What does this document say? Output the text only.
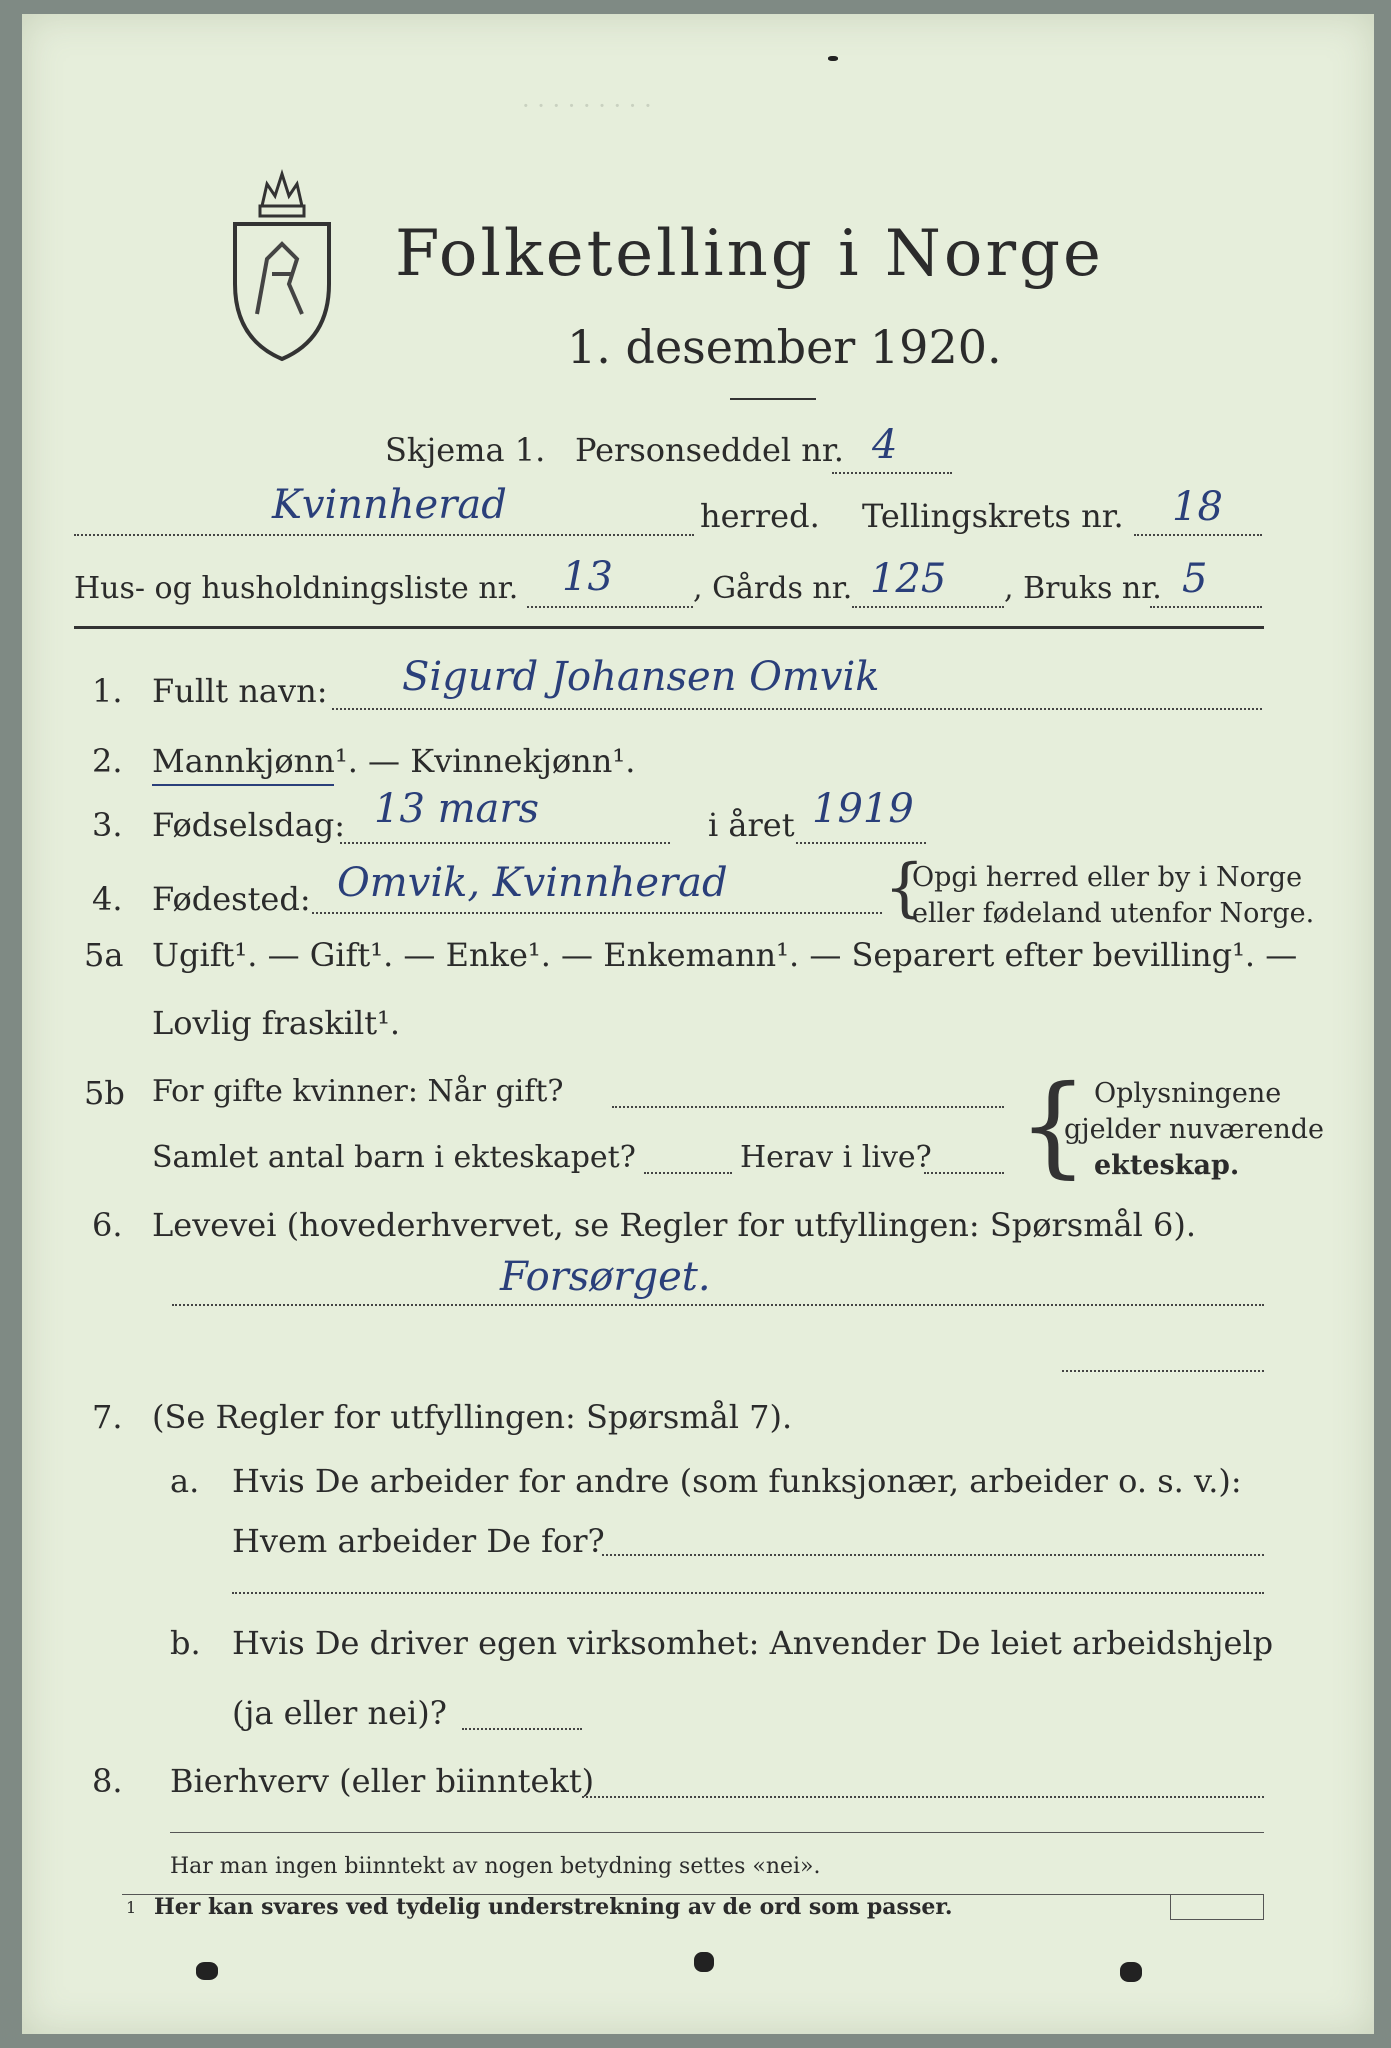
· · · · · · · · ·
Folketelling i Norge
1. desember 1920.
Skjema 1. Personseddel nr. 4
Kvinnherad	herred. Tellingskrets nr. 18
Hus- og husholdningsliste nr. 13	, Gårds nr. 125 , Bruks nr. 5
1. Fullt navn: Sigurd Johansen Omvik
2. Mannkjønn¹. — Kvinnekjønn¹.
3. Fødselsdag: 13 mars	i året 1919
4. Fødested: Omvik, Kvinnherad {
Opgi herred eller by i Norge
eller fødeland utenfor Norge.
5a Ugift¹. — Gift¹. — Enke¹. — Enkemann¹. — Separert efter bevilling¹. —
Lovlig fraskilt¹.
5b For gifte kvinner: Når gift?
Samlet antal barn i ekteskapet?	Herav i live? { Oplysningene
gjelder nuværende
ekteskap.
6. Levevei (hovederhvervet, se Regler for utfyllingen: Spørsmål 6).
Forsørget.
7. (Se Regler for utfyllingen: Spørsmål 7).
a. Hvis De arbeider for andre (som funksjonær, arbeider o. s. v.):
Hvem arbeider De for?
b. Hvis De driver egen virksomhet: Anvender De leiet arbeidshjelp
(ja eller nei)?
8. Bierhverv (eller biinntekt)
Har man ingen biinntekt av nogen betydning settes «nei».
1 Her kan svares ved tydelig understrekning av de ord som passer.
